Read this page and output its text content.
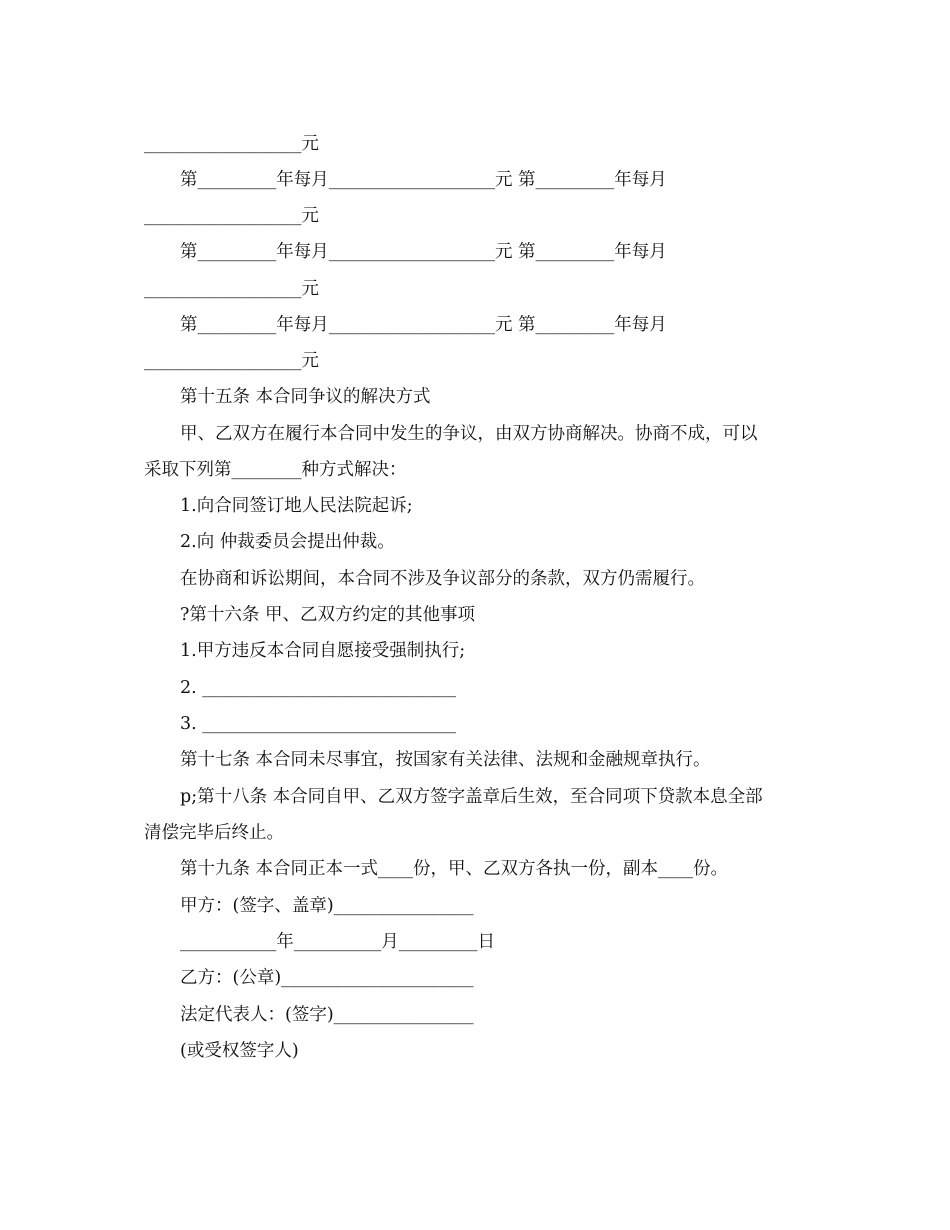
__________________元
第_________年每月___________________元 第_________年每月
__________________元
第_________年每月___________________元 第_________年每月
__________________元
第_________年每月___________________元 第_________年每月
__________________元
第十五条 本合同争议的解决方式
甲、乙双方在履行本合同中发生的争议，由双方协商解决。协商不成，可以
采取下列第________种方式解决：
1.向合同签订地人民法院起诉;
2.向 仲裁委员会提出仲裁。
在协商和诉讼期间，本合同不涉及争议部分的条款，双方仍需履行。
?第十六条 甲、乙双方约定的其他事项
1.甲方违反本合同自愿接受强制执行;
2. _____________________________
3. _____________________________
第十七条 本合同未尽事宜，按国家有关法律、法规和金融规章执行。
p;第十八条 本合同自甲、乙双方签字盖章后生效，至合同项下贷款本息全部
清偿完毕后终止。
第十九条 本合同正本一式____份，甲、乙双方各执一份，副本____份。
甲方：(签字、盖章)________________
___________年__________月_________日
乙方：(公章)______________________
法定代表人：(签字)________________
(或受权签字人)
